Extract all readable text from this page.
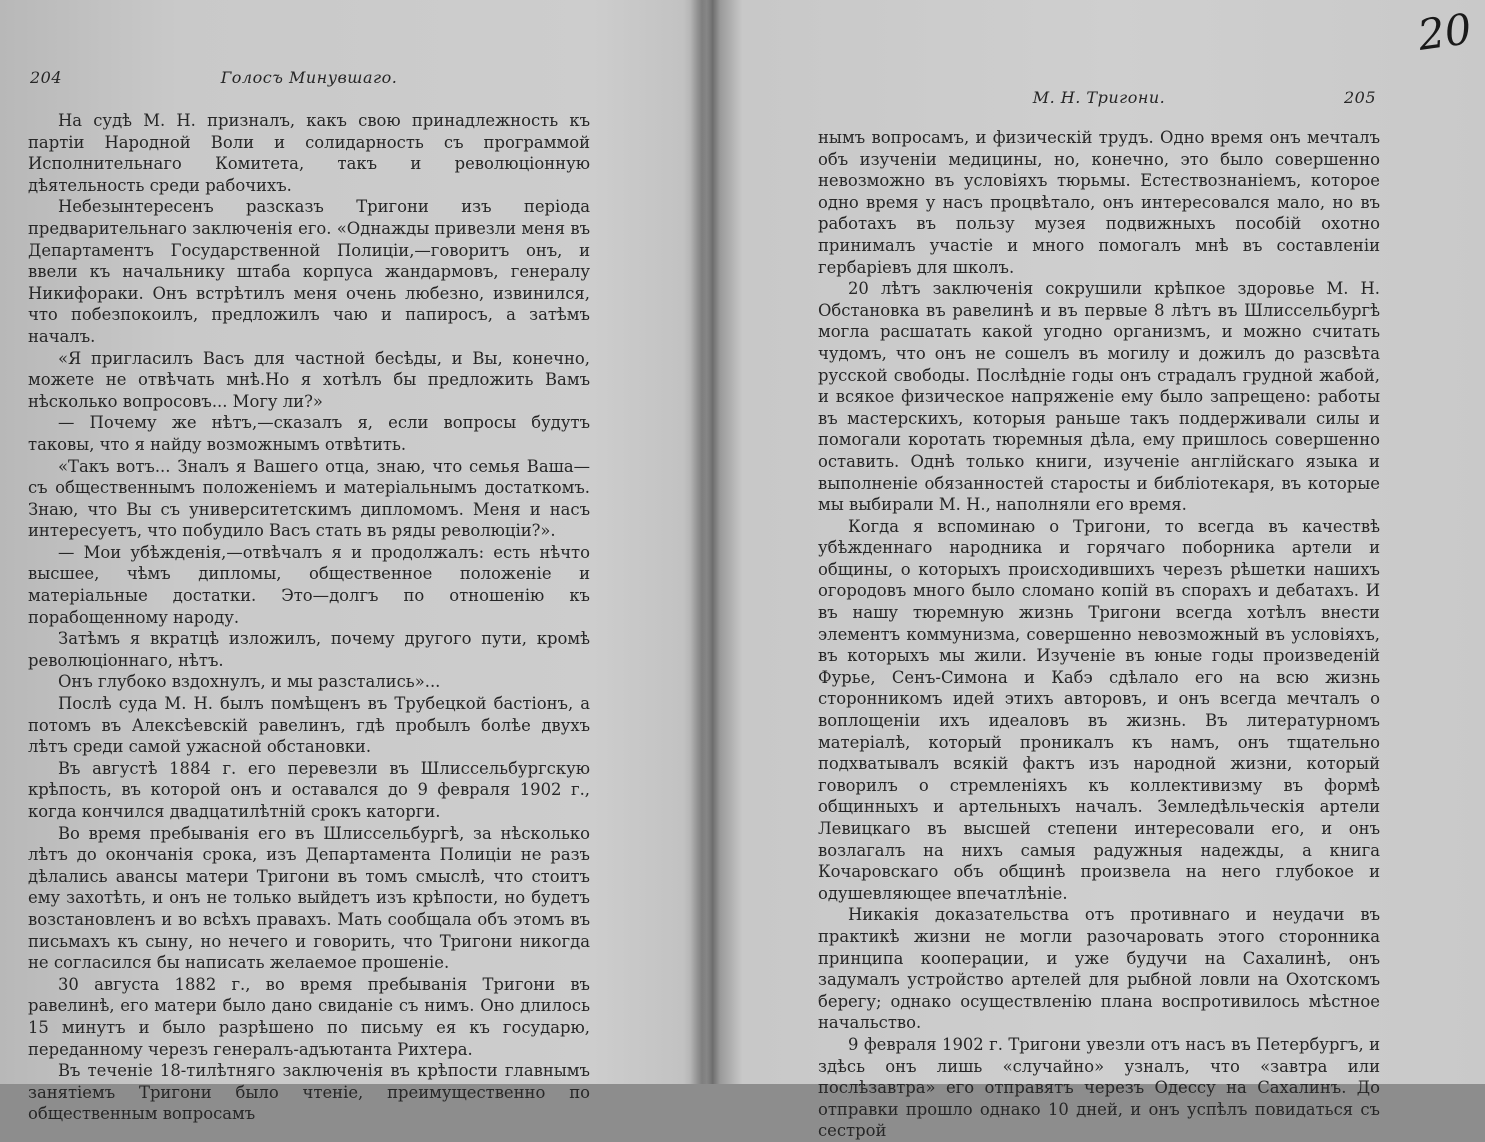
20
204	Голосъ Минувшаго.

На судѣ М. Н. призналъ, какъ свою принадлежность къ партіи Народной Воли и солидарность съ программой Исполнительнаго Комитета, такъ и революціонную дѣятельность среди рабочихъ.

Небезынтересенъ разсказъ Тригони изъ періода предварительнаго заключенія его. «Однажды привезли меня въ Департаментъ Государственной Полиціи,—говоритъ онъ, и ввели къ начальнику штаба корпуса жандармовъ, генералу Никифораки. Онъ встрѣтилъ меня очень любезно, извинился, что побезпокоилъ, предложилъ чаю и папиросъ, а затѣмъ началъ.

«Я пригласилъ Васъ для частной бесѣды, и Вы, конечно, можете не отвѣчать мнѣ.Но я хотѣлъ бы предложить Вамъ нѣсколько вопросовъ... Могу ли?»

— Почему же нѣтъ,—сказалъ я, если вопросы будутъ таковы, что я найду возможнымъ отвѣтить.

«Такъ вотъ... Зналъ я Вашего отца, знаю, что семья Ваша— съ общественнымъ положеніемъ и матеріальнымъ достаткомъ. Знаю, что Вы съ университетскимъ дипломомъ. Меня и насъ интересуетъ, что побудило Васъ стать въ ряды революціи?».

— Мои убѣжденія,—отвѣчалъ я и продолжалъ: есть нѣчто высшее, чѣмъ дипломы, общественное положеніе и матеріальные достатки. Это—долгъ по отношенію къ порабощенному народу.

Затѣмъ я вкратцѣ изложилъ, почему другого пути, кромѣ революціоннаго, нѣтъ.

Онъ глубоко вздохнулъ, и мы разстались»...

Послѣ суда М. Н. былъ помѣщенъ въ Трубецкой бастіонъ, а потомъ въ Алексѣевскій равелинъ, гдѣ пробылъ болѣе двухъ лѣтъ среди самой ужасной обстановки.

Въ августѣ 1884 г. его перевезли въ Шлиссельбургскую крѣпость, въ которой онъ и оставался до 9 февраля 1902 г., когда кончился двадцатилѣтній срокъ каторги.

Во время пребыванія его въ Шлиссельбургѣ, за нѣсколько лѣтъ до окончанія срока, изъ Департамента Полиціи не разъ дѣлались авансы матери Тригони въ томъ смыслѣ, что стоитъ ему захотѣть, и онъ не только выйдетъ изъ крѣпости, но будетъ возстановленъ и во всѣхъ правахъ. Мать сообщала объ этомъ въ письмахъ къ сыну, но нечего и говорить, что Тригони никогда не согласился бы написать желаемое прошеніе.

30 августа 1882 г., во время пребыванія Тригони въ равелинѣ, его матери было дано свиданіе съ нимъ. Оно длилось 15 минутъ и было разрѣшено по письму ея къ государю, переданному черезъ генералъ-адъютанта Рихтера.

Въ теченіе 18-тилѣтняго заключенія въ крѣпости главнымъ занятіемъ Тригони было чтеніе, преимущественно по общественным вопросамъ

М. Н. Тригони.	205

нымъ вопросамъ, и физическій трудъ. Одно время онъ мечталъ объ изученіи медицины, но, конечно, это было совершенно невозможно въ условіяхъ тюрьмы. Естествознаніемъ, которое одно время у насъ процвѣтало, онъ интересовался мало, но въ работахъ въ пользу музея подвижныхъ пособій охотно принималъ участіе и много помогалъ мнѣ въ составленіи гербаріевъ для школъ.

20 лѣтъ заключенія сокрушили крѣпкое здоровье М. Н. Обстановка въ равелинѣ и въ первые 8 лѣтъ въ Шлиссельбургѣ могла расшатать какой угодно организмъ, и можно считать чудомъ, что онъ не сошелъ въ могилу и дожилъ до разсвѣта русской свободы. Послѣдніе годы онъ страдалъ грудной жабой, и всякое физическое напряженіе ему было запрещено: работы въ мастерскихъ, которыя раньше такъ поддерживали силы и помогали коротать тюремныя дѣла, ему пришлось совершенно оставить. Однѣ только книги, изученіе англійскаго языка и выполненіе обязанностей старосты и библіотекаря, въ которые мы выбирали М. Н., наполняли его время.

Когда я вспоминаю о Тригони, то всегда въ качествѣ убѣжденнаго народника и горячаго поборника артели и общины, о которыхъ происходившихъ черезъ рѣшетки нашихъ огородовъ много было сломано копій въ спорахъ и дебатахъ. И въ нашу тюремную жизнь Тригони всегда хотѣлъ внести элементъ коммунизма, совершенно невозможный въ условіяхъ, въ которыхъ мы жили. Изученіе въ юные годы произведеній Фурье, Сенъ-Симона и Кабэ сдѣлало его на всю жизнь сторонникомъ идей этихъ авторовъ, и онъ всегда мечталъ о воплощеніи ихъ идеаловъ въ жизнь. Въ литературномъ матеріалѣ, который проникалъ къ намъ, онъ тщательно подхватывалъ всякій фактъ изъ народной жизни, который говорилъ о стремленіяхъ къ коллективизму въ формѣ общинныхъ и артельныхъ началъ. Земледѣльческія артели Левицкаго въ высшей степени интересовали его, и онъ возлагалъ на нихъ самыя радужныя надежды, а книга Кочаровскаго объ общинѣ произвела на него глубокое и одушевляющее впечатлѣніе.

Никакія доказательства отъ противнаго и неудачи въ практикѣ жизни не могли разочаровать этого сторонника принципа кооперации, и уже будучи на Сахалинѣ, онъ задумалъ устройство артелей для рыбной ловли на Охотскомъ берегу; однако осуществленію плана воспротивилось мѣстное начальство.

9 февраля 1902 г. Тригони увезли отъ насъ въ Петербургъ, и здѣсь онъ лишь «случайно» узналъ, что «завтра или послѣзавтра» его отправятъ черезъ Одессу на Сахалинъ. До отправки прошло однако 10 дней, и онъ успѣлъ повидаться съ сестрой
